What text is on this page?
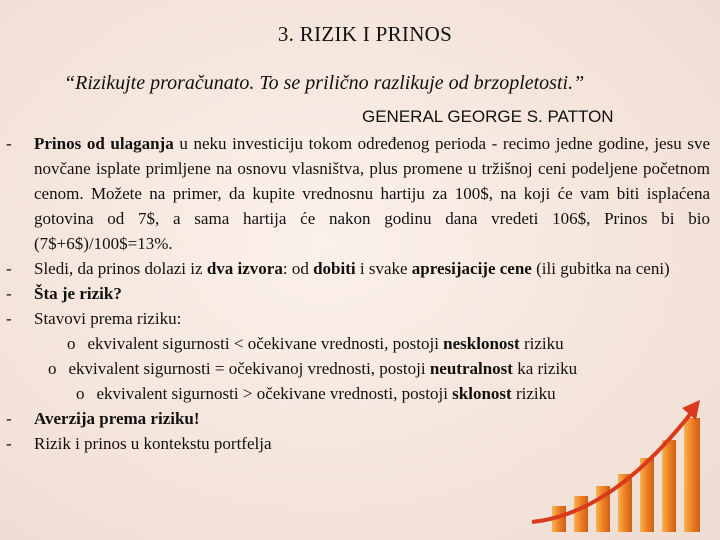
3. RIZIK I PRINOS
“Rizikujte proračunato. To se prilično razlikuje od brzopletosti.”
GENERAL GEORGE S. PATTON
- Prinos od ulaganja u neku investiciju tokom određenog perioda - recimo jedne godine, jesu sve novčane isplate primljene na osnovu vlasništva, plus promene u tržišnoj ceni podeljene početnom cenom. Možete na primer, da kupite vrednosnu hartiju za 100$, na koji će vam biti isplaćena gotovina od 7$, a sama hartija će nakon godinu dana vredeti 106$, Prinos bi bio (7$+6$)/100$=13%.
- Sledi, da prinos dolazi iz dva izvora: od dobiti i svake apresijacije cene (ili gubitka na ceni)
- Šta je rizik?
- Stavovi prema riziku:
o ekvivalent sigurnosti < očekivane vrednosti, postoji nesklonost riziku
o ekvivalent sigurnosti = očekivanoj vrednosti, postoji neutralnost ka riziku
o ekvivalent sigurnosti > očekivane vrednosti, postoji sklonost riziku
- Averzija prema riziku!
- Rizik i prinos u kontekstu portfelja
